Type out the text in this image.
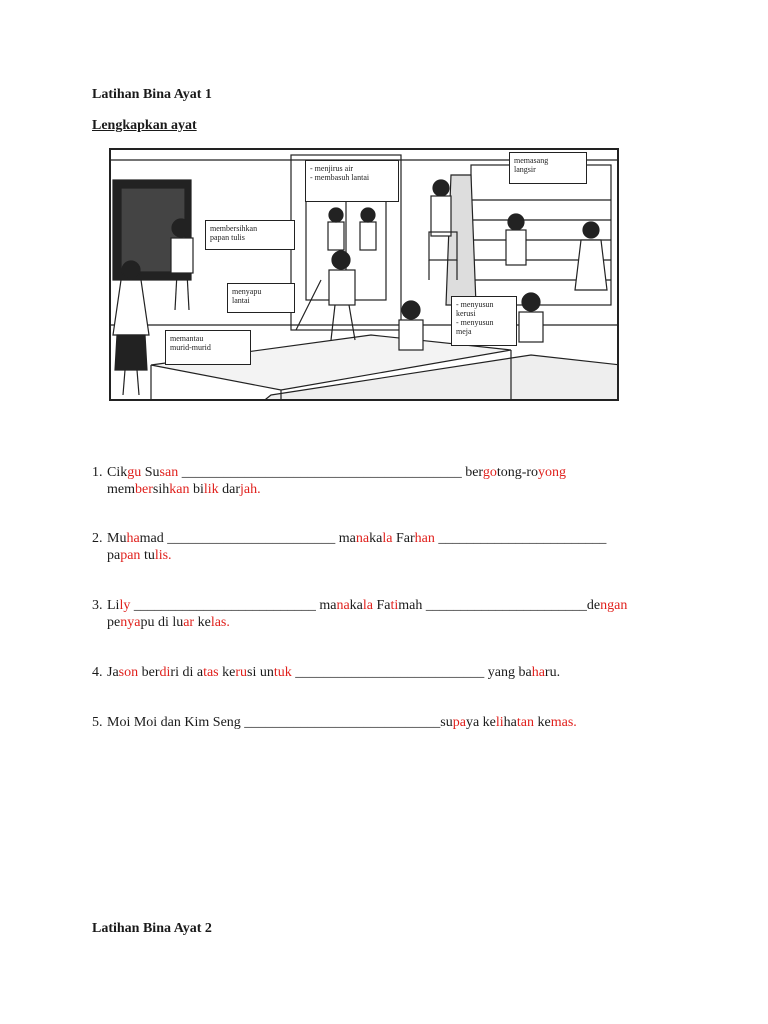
Latihan Bina Ayat 1
Lengkapkan ayat
- menjirus air
- membasuh lantai
memasang
langsir
membersihkan
papan tulis
menyapu
lantai	- menyusun
kerusi
- menyusun
meja
memantau
murid-murid
1. Cikgu Susan ________________________________________ bergotong-royong
membersihkan bilik darjah.
2. Muhamad ________________________ manakala Farhan ________________________
papan tulis.
3. Lily __________________________ manakala Fatimah _______________________dengan
penyapu di luar kelas.
4. Jason berdiri di atas kerusi untuk ___________________________ yang baharu.
5. Moi Moi dan Kim Seng ____________________________supaya kelihatan kemas.
Latihan Bina Ayat 2
